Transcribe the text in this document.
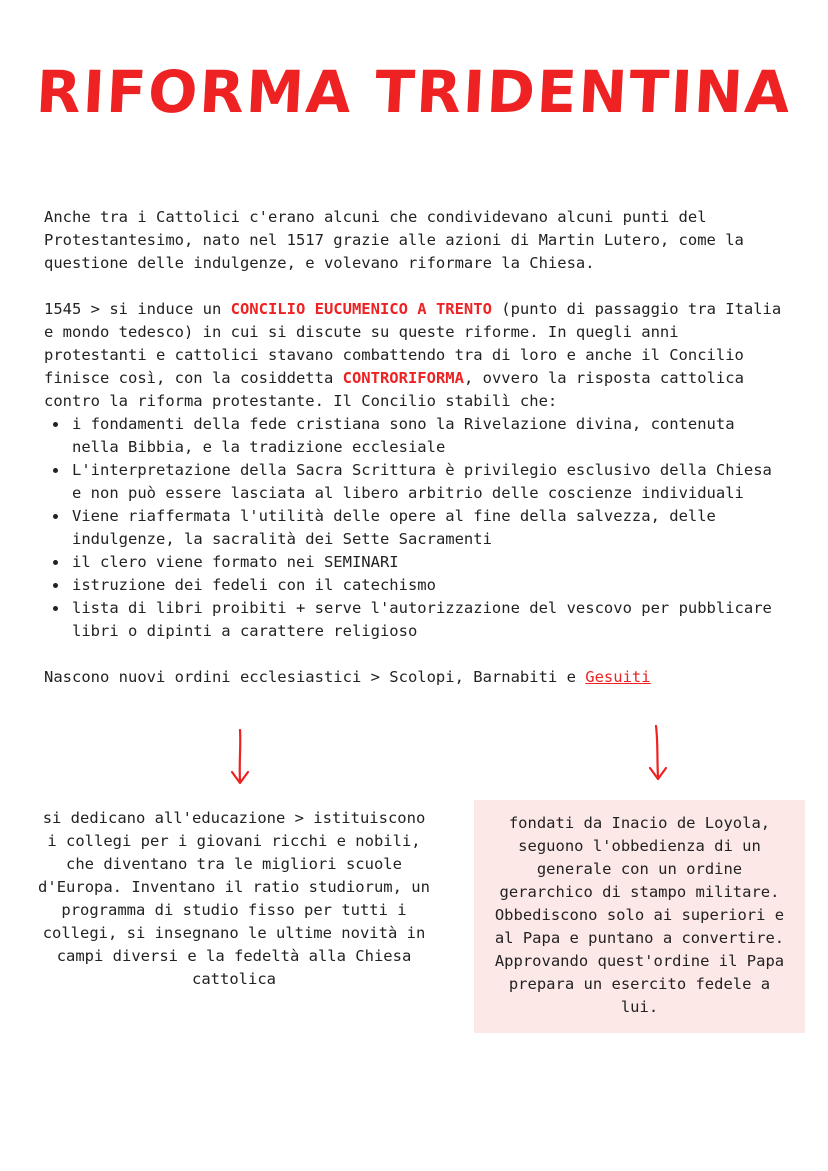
RIFORMA TRIDENTINA

Anche tra i Cattolici c'erano alcuni che condividevano alcuni punti del Protestantesimo, nato nel 1517 grazie alle azioni di Martin Lutero, come la questione delle indulgenze, e volevano riformare la Chiesa.

1545 > si induce un CONCILIO EUCUMENICO A TRENTO (punto di passaggio tra Italia e mondo tedesco) in cui si discute su queste riforme. In quegli anni protestanti e cattolici stavano combattendo tra di loro e anche il Concilio finisce così, con la cosiddetta CONTRORIFORMA, ovvero la risposta cattolica contro la riforma protestante. Il Concilio stabilì che:

i fondamenti della fede cristiana sono la Rivelazione divina, contenuta nella Bibbia, e la tradizione ecclesiale
L'interpretazione della Sacra Scrittura è privilegio esclusivo della Chiesa e non può essere lasciata al libero arbitrio delle coscienze individuali
Viene riaffermata l'utilità delle opere al fine della salvezza, delle indulgenze, la sacralità dei Sette Sacramenti
il clero viene formato nei SEMINARI
istruzione dei fedeli con il catechismo
lista di libri proibiti + serve l'autorizzazione del vescovo per pubblicare libri o dipinti a carattere religioso

Nascono nuovi ordini ecclesiastici > Scolopi, Barnabiti e Gesuiti

si dedicano all'educazione > istituiscono i collegi per i giovani ricchi e nobili, che diventano tra le migliori scuole d'Europa. Inventano il ratio studiorum, un programma di studio fisso per tutti i collegi, si insegnano le ultime novità in campi diversi e la fedeltà alla Chiesa cattolica
fondati da Inacio de Loyola, seguono l'obbedienza di un generale con un ordine gerarchico di stampo militare. Obbediscono solo ai superiori e al Papa e puntano a convertire. Approvando quest'ordine il Papa prepara un esercito fedele a lui.
